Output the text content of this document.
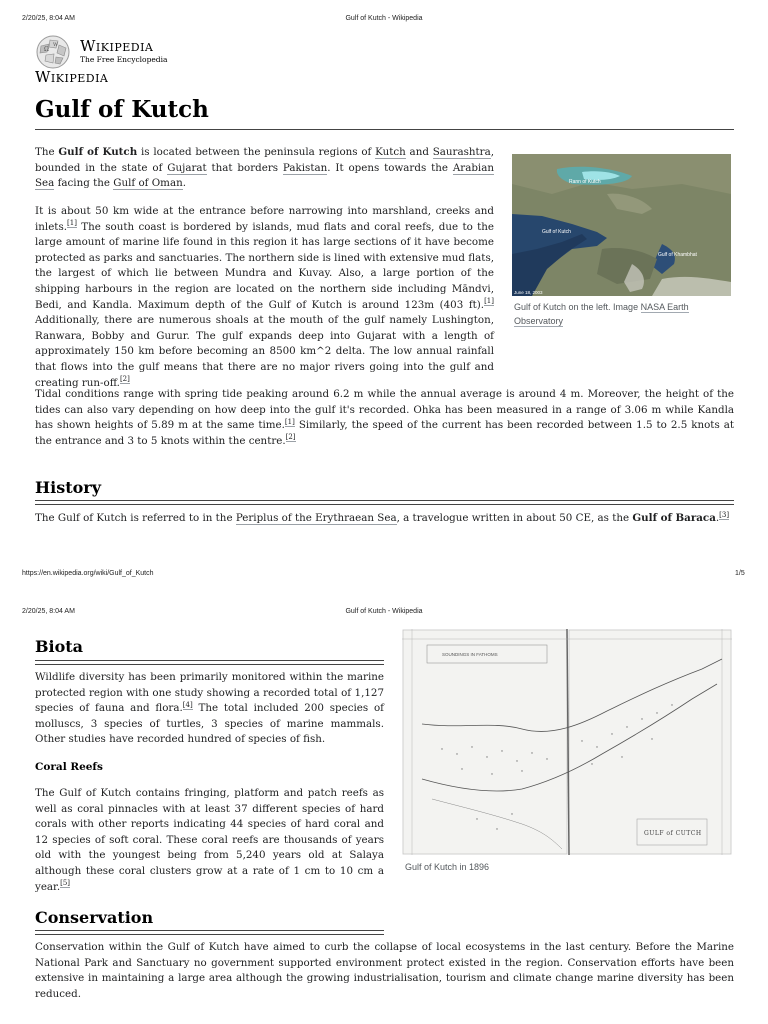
2/20/25, 8:04 AM	Gulf of Kutch - Wikipedia
Ω
W Wikipedia
The Free Encyclopedia
Wikipedia
Gulf of Kutch

The Gulf of Kutch is located between the peninsula regions of Kutch and Saurashtra, bounded in the state of Gujarat that borders Pakistan. It opens towards the Arabian Sea facing the Gulf of Oman.

It is about 50 km wide at the entrance before narrowing into marshland, creeks and inlets.[1] The south coast is bordered by islands, mud flats and coral reefs, due to the large amount of marine life found in this region it has large sections of it have become protected as parks and sanctuaries. The northern side is lined with extensive mud flats, the largest of which lie between Mundra and Kuvay. Also, a large portion of the shipping harbours in the region are located on the northern side including Māndvi, Bedi, and Kandla. Maximum depth of the Gulf of Kutch is around 123m (403 ft).[1] Additionally, there are numerous shoals at the mouth of the gulf namely Lushington, Ranwara, Bobby and Gurur. The gulf expands deep into Gujarat with a length of approximately 150 km before becoming an 8500 km^2 delta. The low annual rainfall that flows into the gulf means that there are no major rivers going into the gulf and creating run-off.[2]

Rann of Kutch
Gulf of Kutch
Gulf of Khambhat
June 18, 2003
Gulf of Kutch on the left. Image NASA Earth Observatory

Tidal conditions range with spring tide peaking around 6.2 m while the annual average is around 4 m. Moreover, the height of the tides can also vary depending on how deep into the gulf it's recorded. Ohka has been measured in a range of 3.06 m while Kandla has shown heights of 5.89 m at the same time.[1] Similarly, the speed of the current has been recorded between 1.5 to 2.5 knots at the entrance and 3 to 5 knots within the centre.[2]

History

The Gulf of Kutch is referred to in the Periplus of the Erythraean Sea, a travelogue written in about 50 CE, as the Gulf of Baraca.[3]

https://en.wikipedia.org/wiki/Gulf_of_Kutch	1/5
2/20/25, 8:04 AM	Gulf of Kutch - Wikipedia
Biota

Wildlife diversity has been primarily monitored within the marine protected region with one study showing a recorded total of 1,127 species of fauna and flora.[4] The total included 200 species of molluscs, 3 species of turtles, 3 species of marine mammals. Other studies have recorded hundred of species of fish.

Coral Reefs

The Gulf of Kutch contains fringing, platform and patch reefs as well as coral pinnacles with at least 37 different species of hard corals with other reports indicating 44 species of hard coral and 12 species of soft coral. These coral reefs are thousands of years old with the youngest being from 5,240 years old at Salaya although these coral clusters grow at a rate of 1 cm to 10 cm a year.[5]

SOUNDINGS IN FATHOMS
GULF of CUTCH
Gulf of Kutch in 1896
Conservation

Conservation within the Gulf of Kutch have aimed to curb the collapse of local ecosystems in the last century. Before the Marine National Park and Sanctuary no government supported environment protect existed in the region. Conservation efforts have been extensive in maintaining a large area although the growing industrialisation, tourism and climate change marine diversity has been reduced.
